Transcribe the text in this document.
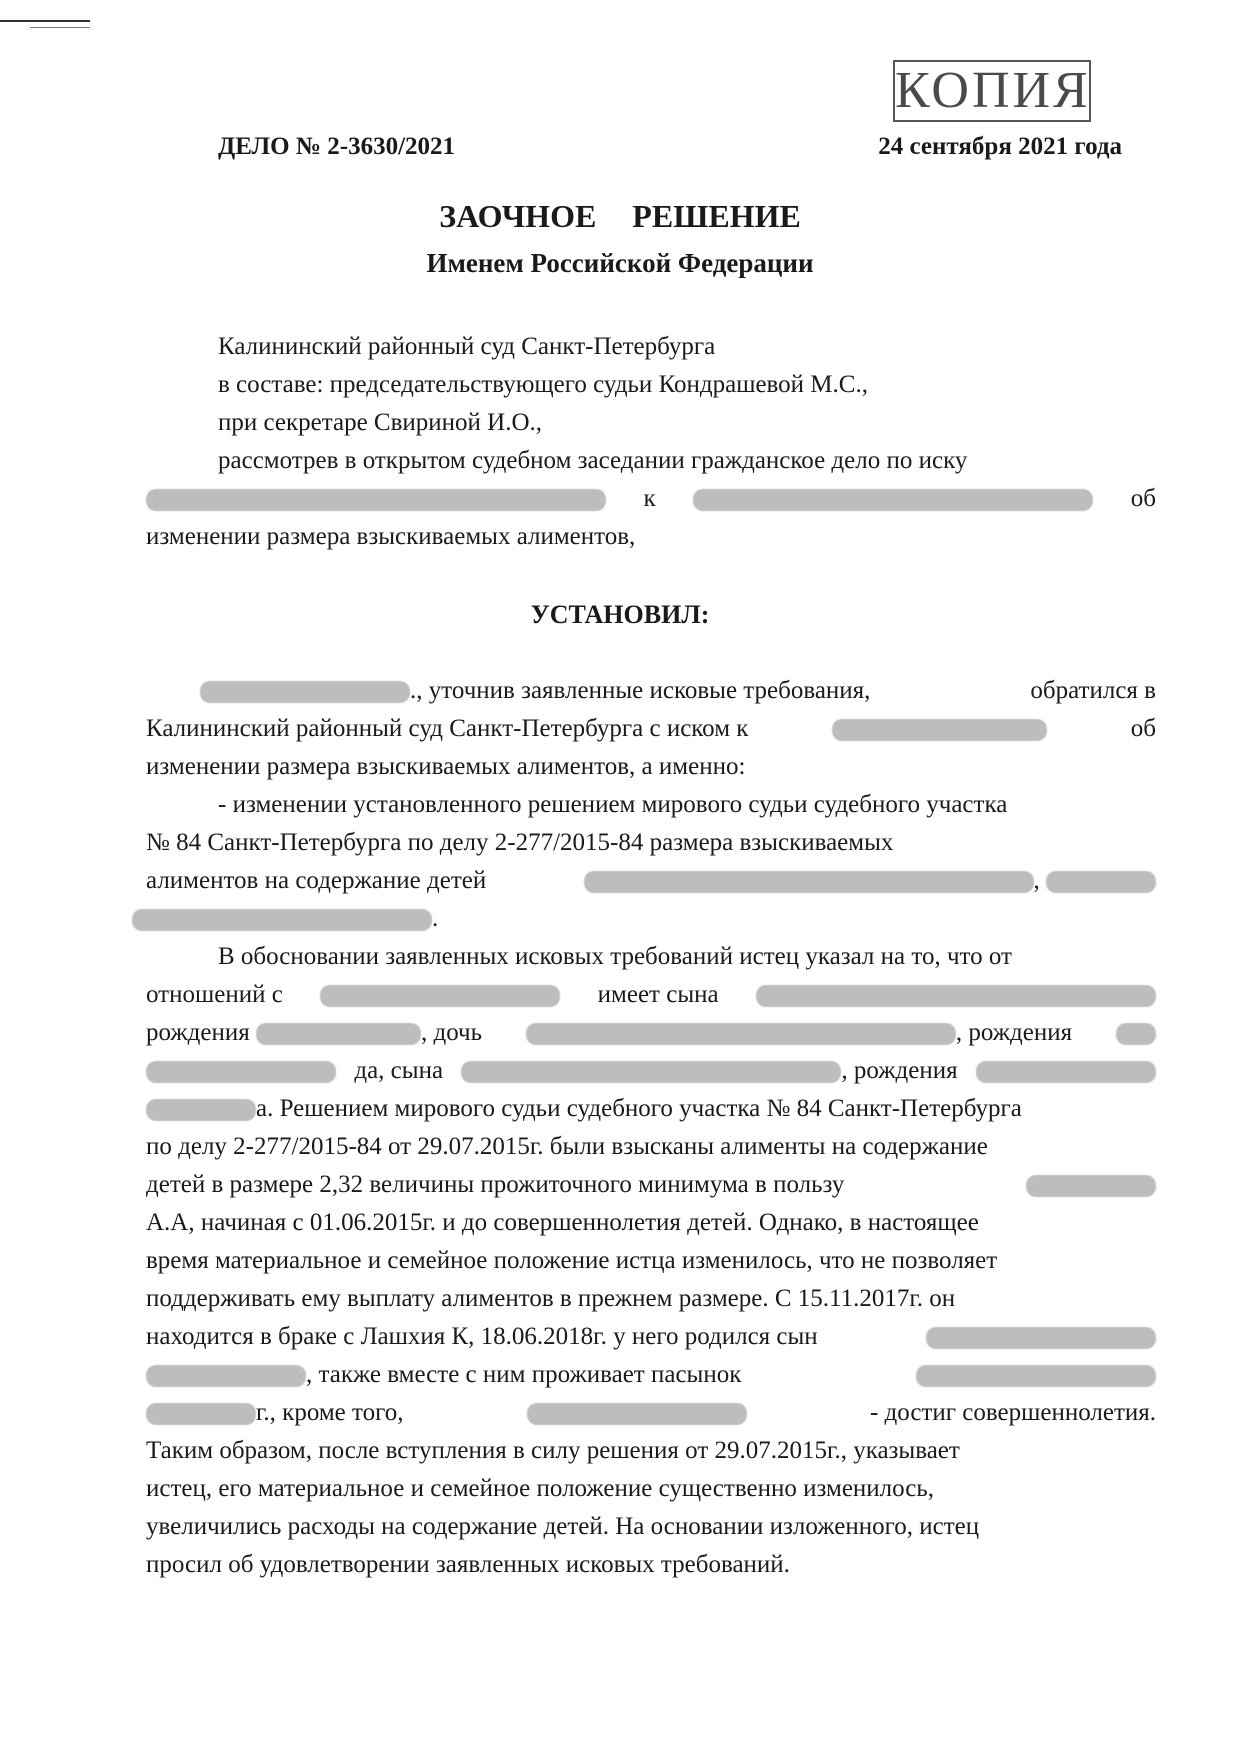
КОПИЯ
ДЕЛО № 2-3630/2021	24 сентября 2021 года
ЗАОЧНОЕ РЕШЕНИЕ
Именем Российской Федерации
Калининский районный суд Санкт-Петербурга
в составе: председательствующего судьи Кондрашевой М.С.,
при секретаре Свириной И.О.,
рассмотрев в открытом судебном заседании гражданское дело по иску
к	об
изменении размера взыскиваемых алиментов,
УСТАНОВИЛ:
., уточнив заявленные исковые требования,	обратился в
Калининский районный суд Санкт-Петербурга с иском к	об
изменении размера взыскиваемых алиментов, а именно:
- изменении установленного решением мирового судьи судебного участка
№ 84 Санкт-Петербурга по делу 2-277/2015-84 размера взыскиваемых
алиментов на содержание детей	,
.
В обосновании заявленных исковых требований истец указал на то, что от
отношений с	имеет сына
рождения	, дочь	, рождения
да, сына	, рождения
а. Решением мирового судьи судебного участка № 84 Санкт-Петербурга
по делу 2-277/2015-84 от 29.07.2015г. были взысканы алименты на содержание
детей в размере 2,32 величины прожиточного минимума в пользу
А.А, начиная с 01.06.2015г. и до совершеннолетия детей. Однако, в настоящее
время материальное и семейное положение истца изменилось, что не позволяет
поддерживать ему выплату алиментов в прежнем размере. С 15.11.2017г. он
находится в браке с Лашхия К, 18.06.2018г. у него родился сын
, также вместе с ним проживает пасынок
г., кроме того,	- достиг совершеннолетия.
Таким образом, после вступления в силу решения от 29.07.2015г., указывает
истец, его материальное и семейное положение существенно изменилось,
увеличились расходы на содержание детей. На основании изложенного, истец
просил об удовлетворении заявленных исковых требований.
